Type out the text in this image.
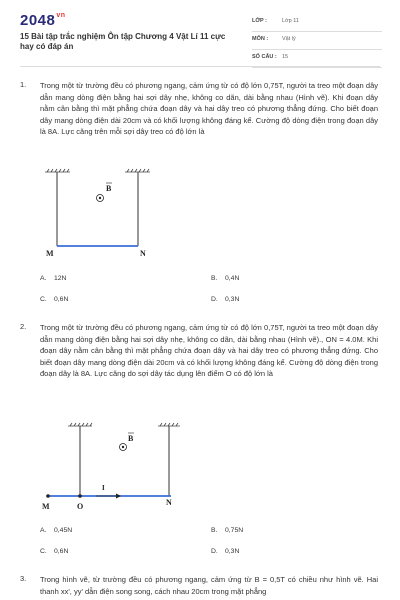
$2048^{vn}$
15 Bài tập trắc nghiệm Ôn tập Chương 4 Vật Lí 11 cực hay có đáp án
LỚP :	Lớp 11
MÔN :	Vật lý
SỐ CÂU : 15
1. Trong một từ trường đều có phương ngang, cảm ứng từ có độ lớn 0,75T, người ta treo một đoạn dây dẫn mang dòng điện bằng hai sợi dây nhẹ, không co dãn, dài bằng nhau (Hình vẽ). Khi đoạn dây nằm cân bằng thì mặt phẳng chứa đoạn dây và hai dây treo có phương thẳng đứng. Cho biết đoạn dây mang dòng điện dài 20cm và có khối lượng không đáng kể. Cường độ dòng điện trong đoạn dây là 8A. Lực căng trên mỗi sợi dây treo có độ lớn là
B
M	N
A. 12N	B. 0,4N
C. 0,6N	D. 0,3N
2. Trong một từ trường đều có phương ngang, cảm ứng từ có độ lớn 0,75T, người ta treo một đoạn dây dẫn mang dòng điện bằng hai sợi dây nhẹ, không co dãn, dài bằng nhau (Hình vẽ)., ON = 4.0M. Khi đoạn dây nằm cân bằng thì mặt phẳng chứa đoạn dây và hai dây treo có phương thẳng đứng. Cho biết đoạn dây mang dòng điện dài 20cm và có khối lượng không đáng kể. Cường độ dòng điện trong đoạn dây là 8A. Lực căng do sợi dây tác dụng lên điểm O có độ lớn là
B
I
M	O	N
A. 0,45N	B. 0,75N
C. 0,6N	D. 0,3N
3. Trong hình vẽ, từ trường đều có phương ngang, cảm ứng từ B = 0,5T có chiều như hình vẽ. Hai thanh xx', yy' dẫn điện song song, cách nhau 20cm trong mặt phẳng
